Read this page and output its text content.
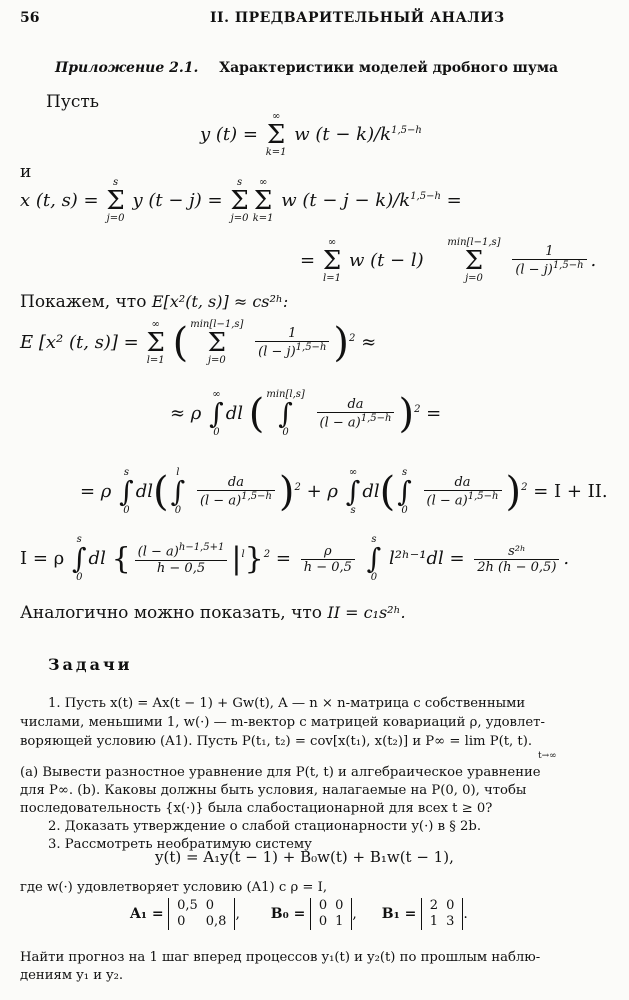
56	II. ПРЕДВАРИТЕЛЬНЫЙ АНАЛИЗ
Приложение 2.1. Характеристики моделей дробного шума
Пусть
y (t) =
∞
Σ
k=1
w $(t - k)/k^{1,5-h}$
и
x (t, s) =
s
Σ
j=0
y (t − j) =
s
Σ
j=0
∞
Σ
k=1
w $(t - j - k)/k^{1,5-h}$ =
=
∞
Σ
l=1
w (t − l)
min[l−1,s]
Σ
j=0

$\frac{1}{(l - j)^{1,5-h}}$ .
Покажем, что E[x²(t, s)] ≈ cs²ʰ:
E [x² (t, s)] =
∞
Σ
l=1 ( min[l−1,s]
Σ
j=0

$\frac{1}{(l - j)^{1,5-h}} )^2$ ≈
≈ ρ
∞
∫
0
dl ( min[l,s]
∫
0

$\frac{da}{(l - a)^{1,5-h}} )^2$ =
= ρ
s
∫
0
dl( l
∫
0

$\frac{da}{(l - a)^{1,5-h}} )^2 + \rho$
∞
∫
s
dl( s
∫
0

$\frac{da}{(l - a)^{1,5-h}} )^2 = I$ + II.
I = ρ
s
∫
0
dl { $\frac{(l - a)^{h-1,5+1}}{h - 0,5} |^l\}^2 = \frac{\rho}{h - 0,5}$

s
∫
0
l²ʰ⁻¹dl = $\frac{\text{s²ʰ}}{2h (h - 0,5)}$ .
Аналогично можно показать, что II = c₁s²ʰ.
Задачи
1. Пусть x(t) = Ax(t − 1) + Gw(t), A — n × n-матрица с собственными
числами, меньшими 1, w(·) — m-вектор с матрицей ковариаций ρ, удовлет-
воряющей условию (A1). Пусть P(t₁, t₂) = cov[x(t₁), x(t₂)] и P∞ = lim P(t, t).
t→∞
(a) Вывести разностное уравнение для P(t, t) и алгебраическое уравнение
для P∞. (b). Каковы должны быть условия, налагаемые на P(0, 0), чтобы
последовательность {x(·)} была слабостационарной для всех t ≥ 0?
2. Доказать утверждение о слабой стационарности y(·) в § 2b.
3. Рассмотреть необратимую систему
y(t) = A₁y(t − 1) + B₀w(t) + B₁w(t − 1),
где w(·) удовлетворяет условию (A1) с ρ = I,
A₁ =
0,5	0
0	0,8 ,  B₀ =
0	0
0	1 ,  B₁ =
2	0
1	3 .
Найти прогноз на 1 шаг вперед процессов y₁(t) и y₂(t) по прошлым наблю-
дениям y₁ и y₂.
